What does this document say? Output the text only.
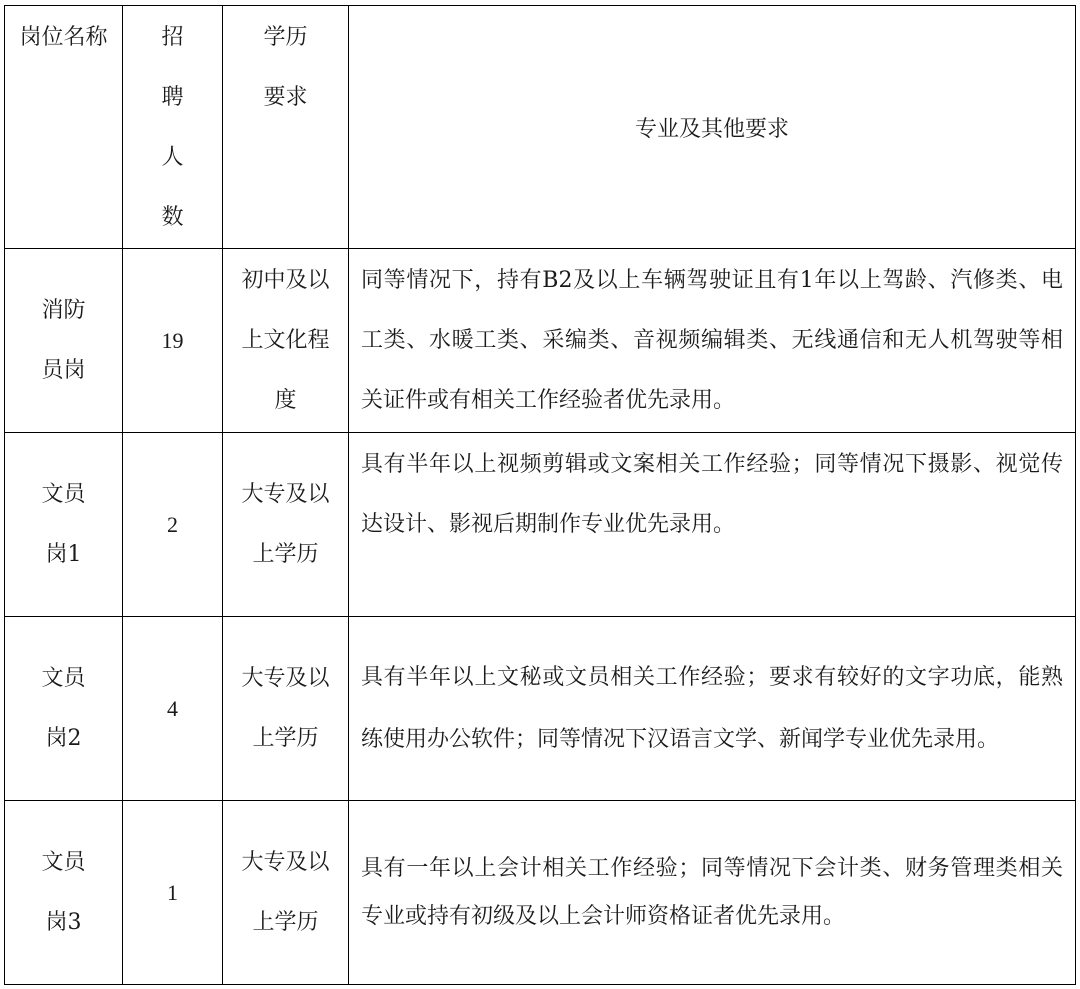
岗位名称	招聘人数	学历要求	专业及其他要求
消防员岗	19	初中及以上文化程度	同等情况下，持有B2及以上车辆驾驶证且有1年以上驾龄、汽修类、电工类、水暖工类、采编类、音视频编辑类、无线通信和无人机驾驶等相关证件或有相关工作经验者优先录用。
文员岗1	2	大专及以上学历	具有半年以上视频剪辑或文案相关工作经验；同等情况下摄影、视觉传达设计、影视后期制作专业优先录用。
文员岗2	4	大专及以上学历	具有半年以上文秘或文员相关工作经验；要求有较好的文字功底，能熟练使用办公软件；同等情况下汉语言文学、新闻学专业优先录用。
文员岗3	1	大专及以上学历	具有一年以上会计相关工作经验；同等情况下会计类、财务管理类相关专业或持有初级及以上会计师资格证者优先录用。
